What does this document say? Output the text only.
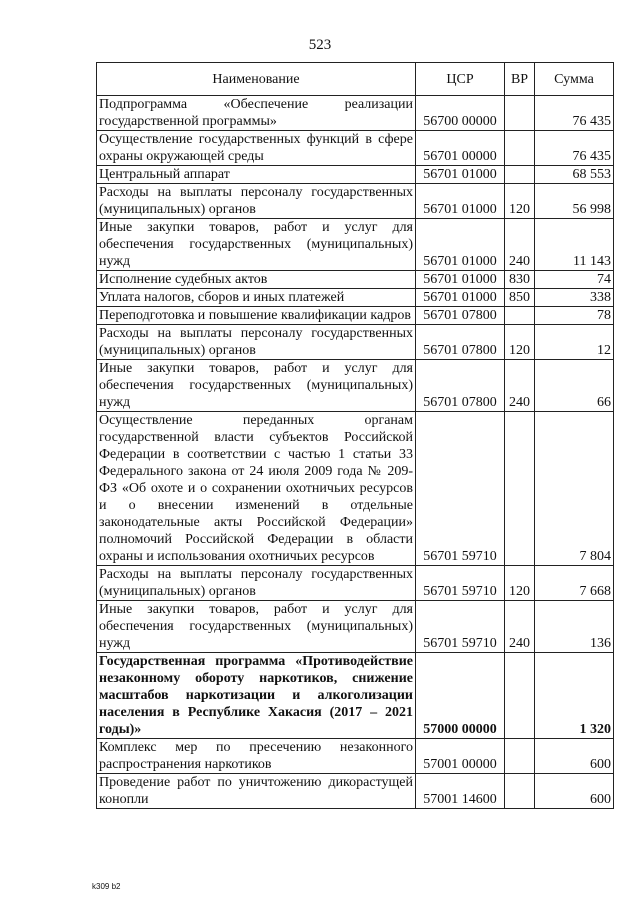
523
Наименование	ЦСР	ВР	Сумма
Подпрограмма «Обеспечение реализации государственной программы»	56700 00000		76 435
Осуществление государственных функций в сфере охраны окружающей среды	56701 00000		76 435
Центральный аппарат	56701 01000		68 553
Расходы на выплаты персоналу государственных (муниципальных) органов	56701 01000	120	56 998
Иные закупки товаров, работ и услуг для обеспечения государственных (муниципальных) нужд	56701 01000	240	11 143
Исполнение судебных актов	56701 01000	830	74
Уплата налогов, сборов и иных платежей	56701 01000	850	338
Переподготовка и повышение квалификации кадров	56701 07800		78
Расходы на выплаты персоналу государственных (муниципальных) органов	56701 07800	120	12
Иные закупки товаров, работ и услуг для обеспечения государственных (муниципальных) нужд	56701 07800	240	66
Осуществление переданных органам государственной власти субъектов Российской Федерации в соответствии с частью 1 статьи 33 Федерального закона от 24 июля 2009 года № 209-ФЗ «Об охоте и о сохранении охотничьих ресурсов и о внесении изменений в отдельные законодательные акты Российской Федерации» полномочий Российской Федерации в области охраны и использования охотничьих ресурсов	56701 59710		7 804
Расходы на выплаты персоналу государственных (муниципальных) органов	56701 59710	120	7 668
Иные закупки товаров, работ и услуг для обеспечения государственных (муниципальных) нужд	56701 59710	240	136
Государственная программа «Противодействие незаконному обороту наркотиков, снижение масштабов наркотизации и алкоголизации населения в Республике Хакасия (2017 – 2021 годы)»	57000 00000		1 320
Комплекс мер по пресечению незаконного распространения наркотиков	57001 00000		600
Проведение работ по уничтожению дикорастущей конопли	57001 14600		600
k309 b2
